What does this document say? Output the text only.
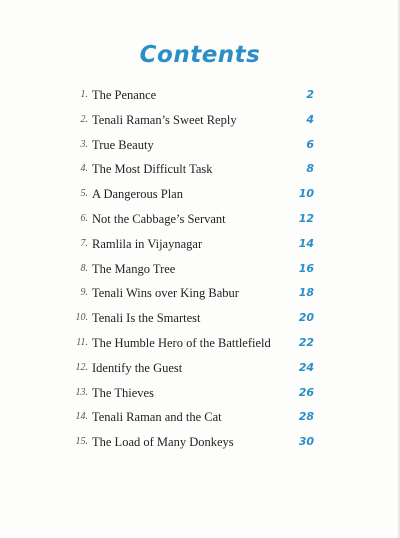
Contents
1. The Penance	2
2. Tenali Raman’s Sweet Reply	4
3. True Beauty	6
4. The Most Difficult Task	8
5. A Dangerous Plan	10
6. Not the Cabbage’s Servant	12
7. Ramlila in Vijaynagar	14
8. The Mango Tree	16
9. Tenali Wins over King Babur	18
10. Tenali Is the Smartest	20
11. The Humble Hero of the Battlefield	22
12. Identify the Guest	24
13. The Thieves	26
14. Tenali Raman and the Cat	28
15. The Load of Many Donkeys	30
